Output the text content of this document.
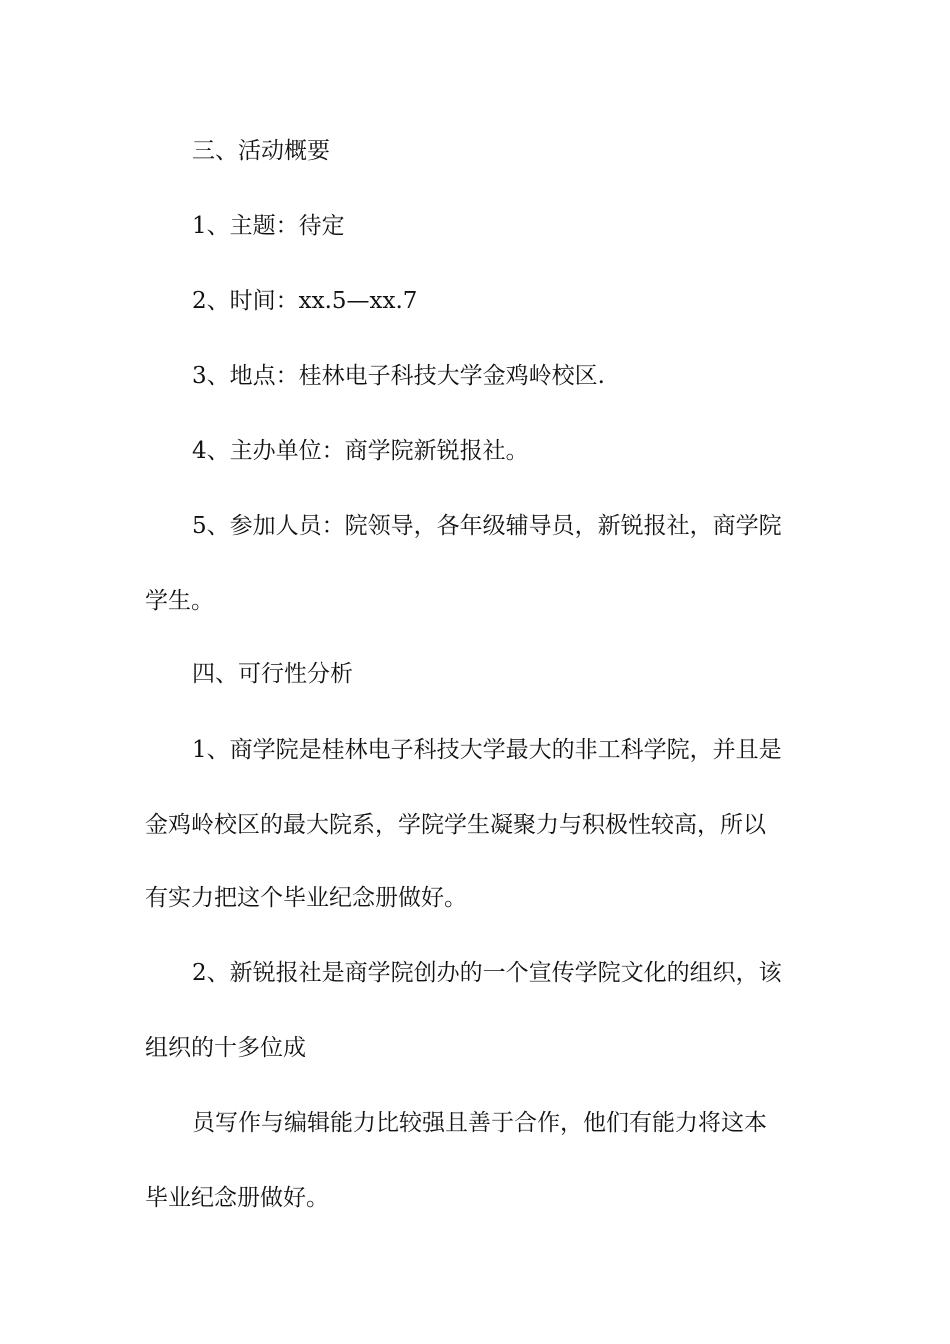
三、活动概要
1、主题：待定
2、时间：xx.5—xx.7
3、地点：桂林电子科技大学金鸡岭校区.
4、主办单位：商学院新锐报社。
5、参加人员：院领导，各年级辅导员，新锐报社，商学院
学生。
四、可行性分析
1、商学院是桂林电子科技大学最大的非工科学院，并且是
金鸡岭校区的最大院系，学院学生凝聚力与积极性较高，所以
有实力把这个毕业纪念册做好。
2、新锐报社是商学院创办的一个宣传学院文化的组织，该
组织的十多位成
员写作与编辑能力比较强且善于合作，他们有能力将这本
毕业纪念册做好。
